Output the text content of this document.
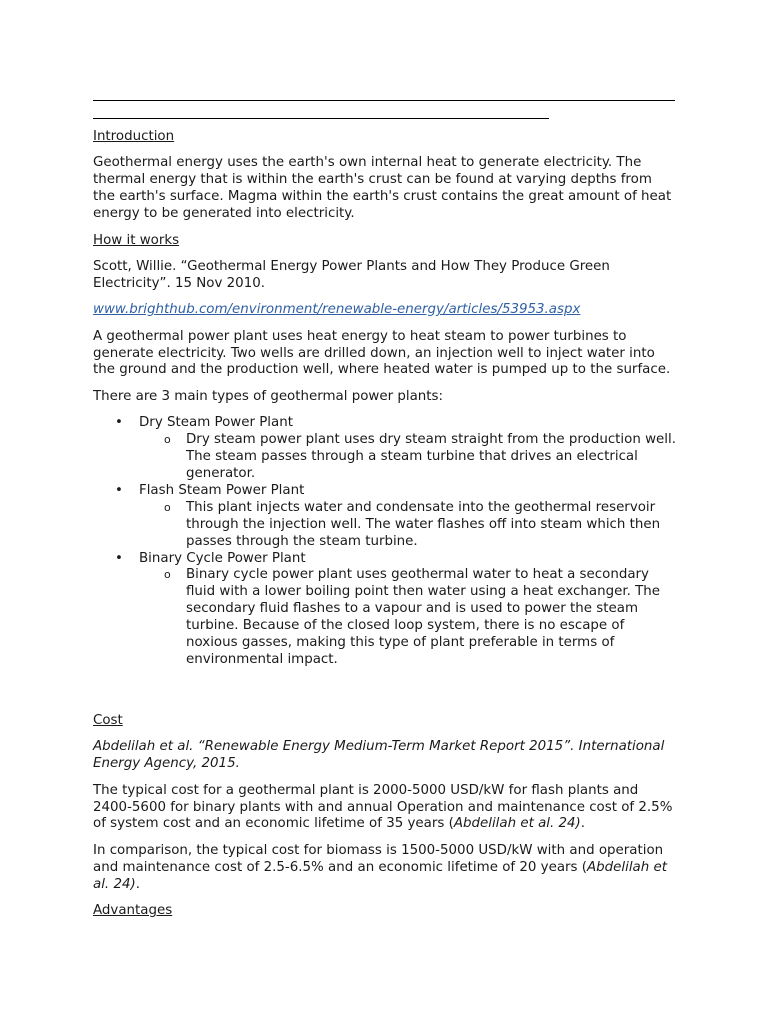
Introduction

Geothermal energy uses the earth's own internal heat to generate electricity. The thermal energy that is within the earth's crust can be found at varying depths from the earth's surface. Magma within the earth's crust contains the great amount of heat energy to be generated into electricity.

How it works

Scott, Willie. “Geothermal Energy Power Plants and How They Produce Green Electricity”. 15 Nov 2010.

www.brighthub.com/environment/renewable-energy/articles/53953.aspx

A geothermal power plant uses heat energy to heat steam to power turbines to generate electricity. Two wells are drilled down, an injection well to inject water into the ground and the production well, where heated water is pumped up to the surface.

There are 3 main types of geothermal power plants:

• Dry Steam Power Plant
o Dry steam power plant uses dry steam straight from the production well. The steam passes through a steam turbine that drives an electrical generator.
• Flash Steam Power Plant
o This plant injects water and condensate into the geothermal reservoir through the injection well. The water flashes off into steam which then passes through the steam turbine.
• Binary Cycle Power Plant
o Binary cycle power plant uses geothermal water to heat a secondary fluid with a lower boiling point then water using a heat exchanger. The secondary fluid flashes to a vapour and is used to power the steam turbine. Because of the closed loop system, there is no escape of noxious gasses, making this type of plant preferable in terms of environmental impact.
Cost

Abdelilah et al. “Renewable Energy Medium-Term Market Report 2015”. International Energy Agency, 2015.

The typical cost for a geothermal plant is 2000-5000 USD/kW for flash plants and 2400-5600 for binary plants with and annual Operation and maintenance cost of 2.5% of system cost and an economic lifetime of 35 years (Abdelilah et al. 24).

In comparison, the typical cost for biomass is 1500-5000 USD/kW with and operation and maintenance cost of 2.5-6.5% and an economic lifetime of 20 years (Abdelilah et al. 24).

Advantages
